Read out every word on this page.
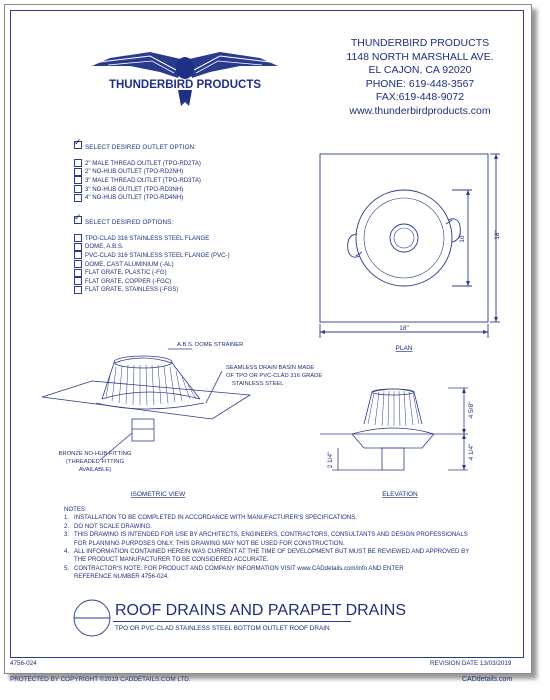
THUNDERBIRD PRODUCTS
THUNDERBIRD PRODUCTS
1148 NORTH MARSHALL AVE.
EL CAJON, CA 92020
PHONE: 619-448-3567
FAX:619-448-9072
www.thunderbirdproducts.com
✓SELECT DESIRED OUTLET OPTION:
2" MALE THREAD OUTLET (TPO-RD2TA)
2" NO-HUB OUTLET (TPO-RD2NH)
3" MALE THREAD OUTLET (TPO-RD3TA)
3" NO-HUB OUTLET (TPO-RD3NH)
4" NO-HUB OUTLET (TPO-RD4NH)
✓SELECT DESIRED OPTIONS:
TPO-CLAD 316 STAINLESS STEEL FLANGE
DOME, A.B.S.
PVC-CLAD 316 STAINLESS STEEL FLANGE (PVC-)
DOME, CAST ALUMINIUM (-AL)
FLAT GRATE, PLASTIC (-FG)
FLAT GRATE, COPPER (-FGC)
FLAT GRATE, STAINLESS (-FGS)
18"
18"
10"
PLAN
A.B.S. DOME STRAINER
SEAMLESS DRAIN BASIN MADE
OF TPO OR PVC-CLAD 316 GRADE
STAINLESS STEEL
BRONZE NO-HUB FITTING
(THREADED FITTING
AVAILABLE)
ISOMETRIC VIEW
4 5/8"
4 1/4"
2 1/4"
ELEVATION
NOTES:
1. INSTALLATION TO BE COMPLETED IN ACCORDANCE WITH MANUFACTURER'S SPECIFICATIONS.
2. DO NOT SCALE DRAWING.
3. THIS DRAWING IS INTENDED FOR USE BY ARCHITECTS, ENGINEERS, CONTRACTORS, CONSULTANTS AND DESIGN PROFESSIONALS
FOR PLANNING PURPOSES ONLY. THIS DRAWING MAY NOT BE USED FOR CONSTRUCTION.
4. ALL INFORMATION CONTAINED HEREIN WAS CURRENT AT THE TIME OF DEVELOPMENT BUT MUST BE REVIEWED AND APPROVED BY
THE PRODUCT MANUFACTURER TO BE CONSIDERED ACCURATE.
5. CONTRACTOR'S NOTE: FOR PRODUCT AND COMPANY INFORMATION VISIT www.CADdetails.com/info AND ENTER
REFERENCE NUMBER 4756-024.
ROOF DRAINS AND PARAPET DRAINS
TPO OR PVC-CLAD STAINLESS STEEL BOTTOM OUTLET ROOF DRAIN
4756-024	REVISION DATE 13/03/2019
PROTECTED BY COPYRIGHT ©2019 CADDETAILS.COM LTD.	CADdetails.com
